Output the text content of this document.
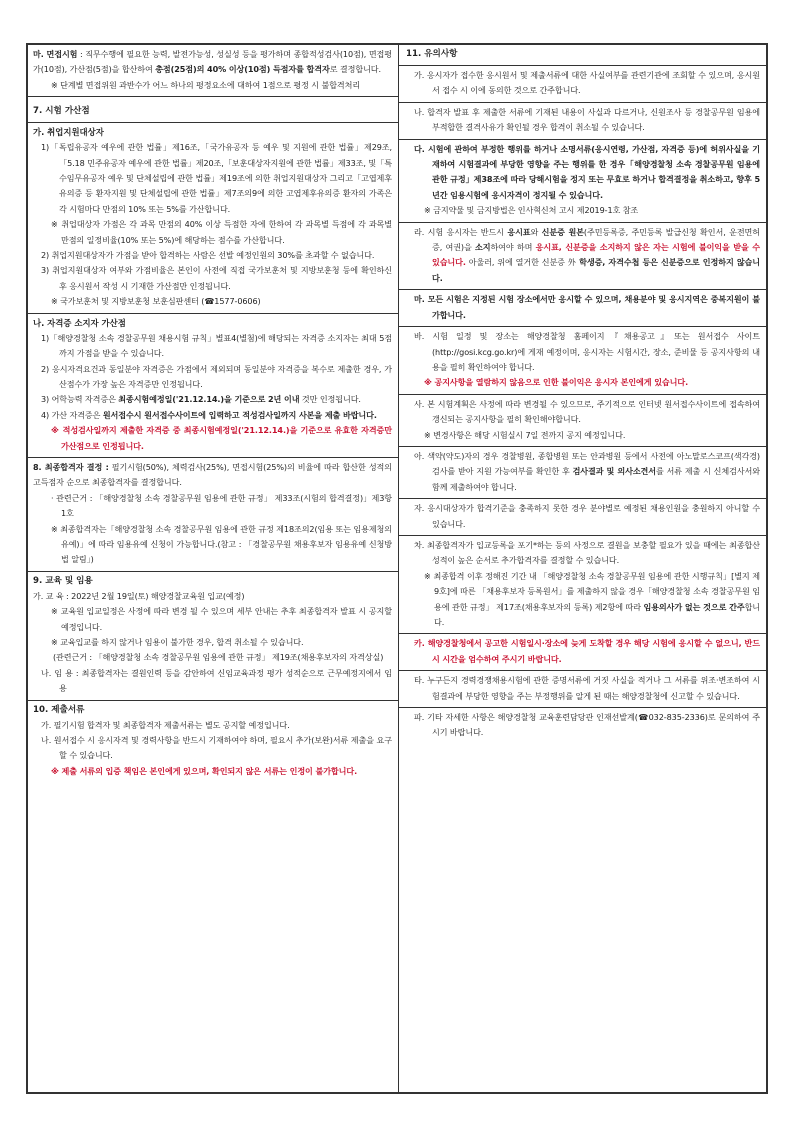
마. 면접시험 : 직무수행에 필요한 능력, 발전가능성, 성실성 등을 평가하며 종합적성검사(10점), 면접평가(10점), 가산점(5점)을 합산하여 총점(25점)의 40% 이상(10점) 득점자를 합격자로 결정합니다.

※ 단계별 면접위원 과반수가 어느 하나의 평정요소에 대하여 1점으로 평정 시 불합격처리

7. 시험 가산점

가. 취업지원대상자

1)「독립유공자 예우에 관한 법률」제16조,「국가유공자 등 예우 및 지원에 관한 법률」제29조,「5.18 민주유공자 예우에 관한 법률」제20조,「보훈대상자지원에 관한 법률」제33조, 및「특수임무유공자 예우 및 단체설립에 관한 법률」제19조에 의한 취업지원대상자 그리고「고엽제후유의증 등 환자지원 및 단체설립에 관한 법률」제7조의9에 의한 고엽제후유의증 환자의 가족은 각 시험마다 만점의 10% 또는 5%를 가산합니다.

※ 취업대상자 가점은 각 과목 만점의 40% 이상 득점한 자에 한하여 각 과목별 득점에 각 과목별 만점의 일정비율(10% 또는 5%)에 해당하는 점수를 가산합니다.

2) 취업지원대상자가 가점을 받아 합격하는 사람은 선발 예정인원의 30%를 초과할 수 없습니다.

3) 취업지원대상자 여부와 가점비율은 본인이 사전에 직접 국가보훈처 및 지방보훈청 등에 확인하신 후 응시원서 작성 시 기재한 가산점만 인정됩니다.

※ 국가보훈처 및 지방보훈청 보훈심판센터 (☎1577-0606)

나. 자격증 소지자 가산점

1)「해양경찰청 소속 경찰공무원 채용시험 규칙」별표4(별첨)에 해당되는 자격증 소지자는 최대 5점까지 가점을 받을 수 있습니다.

2) 응시자격요건과 동일분야 자격증은 가점에서 제외되며 동일분야 자격증을 복수로 제출한 경우, 가산점수가 가장 높은 자격증만 인정됩니다.

3) 어학능력 자격증은 최종시험예정일('21.12.14.)을 기준으로 2년 이내 것만 인정됩니다.

4) 가산 자격증은 원서접수시 원서접수사이트에 입력하고 적성검사일까지 사본을 제출 바랍니다.

※ 적성검사일까지 제출한 자격증 중 최종시험예정일('21.12.14.)을 기준으로 유효한 자격증만 가산점으로 인정됩니다.

8. 최종합격자 결정 : 필기시험(50%), 체력검사(25%), 면접시험(25%)의 비율에 따라 합산한 성적의 고득점자 순으로 최종합격자를 결정합니다.

· 관련근거 : 「해양경찰청 소속 경찰공무원 임용에 관한 규정」 제33조(시험의 합격결정)」제3항1호

※ 최종합격자는「해양경찰청 소속 경찰공무원 임용에 관한 규정 제18조의2(임용 또는 임용제청의 유예)」에 따라 임용유예 신청이 가능합니다.(참고 : 「경찰공무원 채용후보자 임용유예 신청방법 알림」)

9. 교육 및 임용

가. 교 육 : 2022년 2월 19일(토) 해양경찰교육원 입교(예정)

※ 교육원 입교일정은 사정에 따라 변경 될 수 있으며 세부 안내는 추후 최종합격자 발표 시 공지할 예정입니다.

※ 교육입교를 하지 않거나 임용이 불가한 경우, 합격 취소될 수 있습니다.

(관련근거 : 「해양경찰청 소속 경찰공무원 임용에 관한 규정」 제19조(채용후보자의 자격상실)

나. 임 용 : 최종합격자는 결원인력 등을 감안하여 신임교육과정 평가 성적순으로 근무예정지에서 임용

10. 제출서류

가. 필기시험 합격자 및 최종합격자 제출서류는 별도 공지할 예정입니다.

나. 원서접수 시 응시자격 및 경력사항을 반드시 기재하여야 하며, 필요시 추가(보완)서류 제출을 요구할 수 있습니다.

※ 제출 서류의 입증 책임은 본인에게 있으며, 확인되지 않은 서류는 인정이 불가합니다.

11. 유의사항

가. 응시자가 접수한 응시원서 및 제출서류에 대한 사실여부를 관련기관에 조회할 수 있으며, 응시원서 접수 시 이에 동의한 것으로 간주합니다.

나. 합격자 발표 후 제출한 서류에 기재된 내용이 사실과 다르거나, 신원조사 등 경찰공무원 임용에 부적합한 결격사유가 확인될 경우 합격이 취소될 수 있습니다.

다. 시험에 관하여 부정한 행위를 하거나 소명서류(응시연령, 가산점, 자격증 등)에 허위사실을 기재하여 시험결과에 부당한 영향을 주는 행위를 한 경우「해양경찰청 소속 경찰공무원 임용에 관한 규정」제38조에 따라 당해시험을 정지 또는 무효로 하거나 합격결정을 취소하고, 향후 5년간 임용시험에 응시자격이 정지될 수 있습니다.

※ 금지약물 및 금지방법은 인사혁신처 고시 제2019-1호 참조

라. 시험 응시자는 반드시 응시표와 신분증 원본(주민등록증, 주민등록 발급신청 확인서, 운전면허증, 여권)을 소지하여야 하며 응시표, 신분증을 소지하지 않은 자는 시험에 불이익을 받을 수 있습니다. 아울러, 위에 열거한 신분증 外 학생증, 자격수첩 등은 신분증으로 인정하지 않습니다.

마. 모든 시험은 지정된 시험 장소에서만 응시할 수 있으며, 채용분야 및 응시지역은 중복지원이 불가합니다.

바. 시험 일정 및 장소는 해양경찰청 홈페이지『채용공고』또는 원서접수 사이트(http://gosi.kcg.go.kr)에 게재 예정이며, 응시자는 시험시간, 장소, 준비물 등 공지사항의 내용을 필히 확인하여야 합니다.

※ 공지사항을 열람하지 않음으로 인한 불이익은 응시자 본인에게 있습니다.

사. 본 시험계획은 사정에 따라 변경될 수 있으므로, 주기적으로 인터넷 원서접수사이트에 접속하여 갱신되는 공지사항을 필히 확인해야합니다.

※ 변경사항은 해당 시험실시 7일 전까지 공지 예정입니다.

아. 색약(약도)자의 경우 경찰병원, 종합병원 또는 안과병원 등에서 사전에 아노말로스코프(색각경) 검사를 받아 지원 가능여부를 확인한 후 검사결과 및 의사소견서를 서류 제출 시 신체검사서와 함께 제출하여야 합니다.

자. 응시대상자가 합격기준을 충족하지 못한 경우 분야별로 예정된 채용인원을 충원하지 아니할 수 있습니다.

차. 최종합격자가 입교등록을 포기*하는 등의 사정으로 결원을 보충할 필요가 있을 때에는 최종합산 성적이 높은 순서로 추가합격자를 결정할 수 있습니다.

※ 최종합격 이후 정해진 기간 내 「해양경찰청 소속 경찰공무원 임용에 관한 시행규칙」[별지 제9호]에 따른 「채용후보자 등록원서」를 제출하지 않을 경우「해양경찰청 소속 경찰공무원 임용에 관한 규정」 제17조(채용후보자의 등록) 제2항에 따라 임용의사가 없는 것으로 간주합니다.

카. 해양경찰청에서 공고한 시험일시·장소에 늦게 도착할 경우 해당 시험에 응시할 수 없으니, 반드시 시간을 엄수하여 주시기 바랍니다.

타. 누구든지 경력경쟁채용시험에 관한 증명서류에 거짓 사실을 적거나 그 서류를 위조·변조하여 시험결과에 부당한 영향을 주는 부정행위를 알게 된 때는 해양경찰청에 신고할 수 있습니다.

파. 기타 자세한 사항은 해양경찰청 교육훈련담당관 인재선발계(☎032-835-2336)로 문의하여 주시기 바랍니다.
